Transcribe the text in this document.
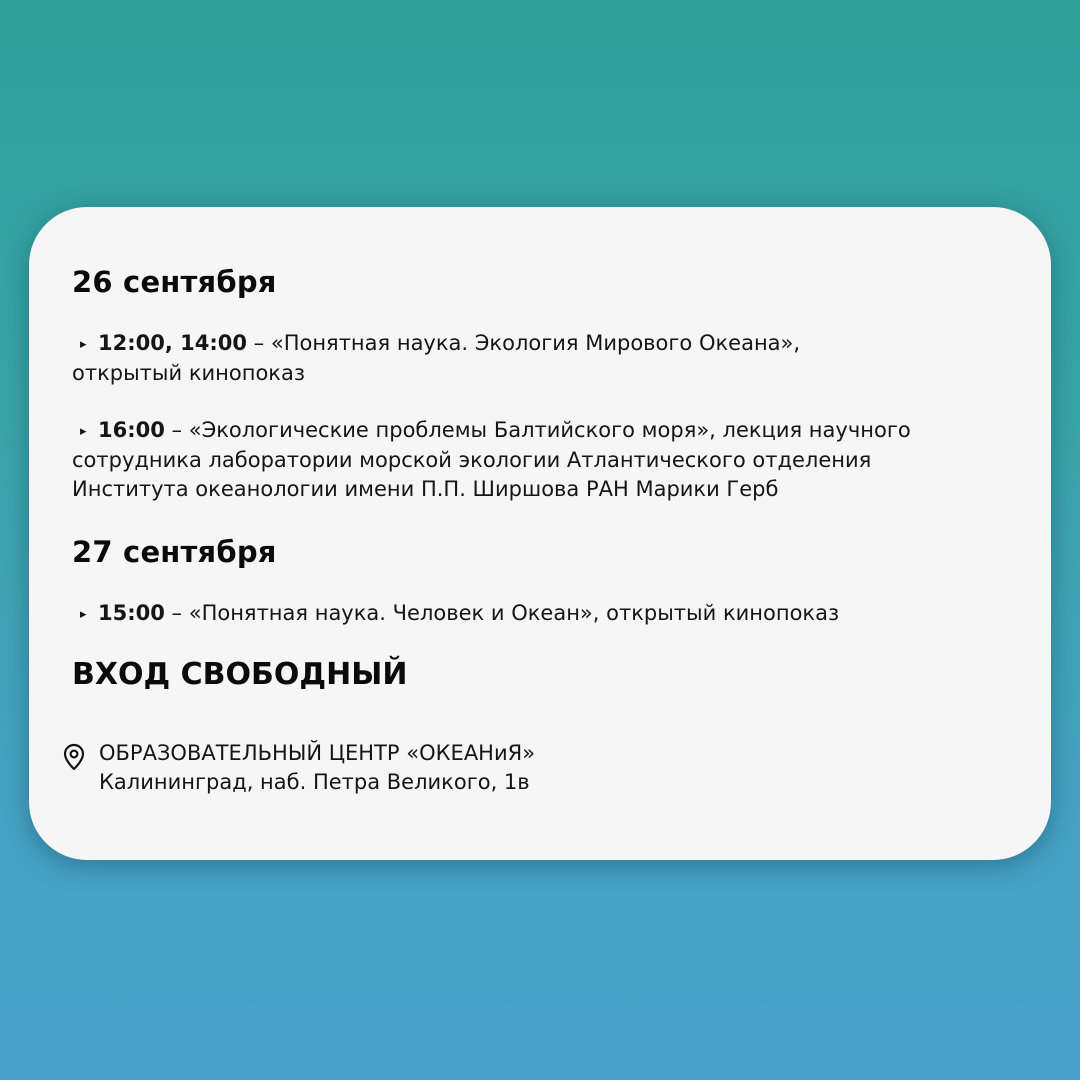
26 сентября
▸ 12:00, 14:00 – «Понятная наука. Экология Мирового Океана»,
открытый кинопоказ
▸ 16:00 – «Экологические проблемы Балтийского моря», лекция научного
сотрудника лаборатории морской экологии Атлантического отделения
Института океанологии имени П.П. Ширшова РАН Марики Герб
27 сентября
▸ 15:00 – «Понятная наука. Человек и Океан», открытый кинопоказ
ВХОД СВОБОДНЫЙ
ОБРАЗОВАТЕЛЬНЫЙ ЦЕНТР «ОКЕАНиЯ»
Калининград, наб. Петра Великого, 1в
